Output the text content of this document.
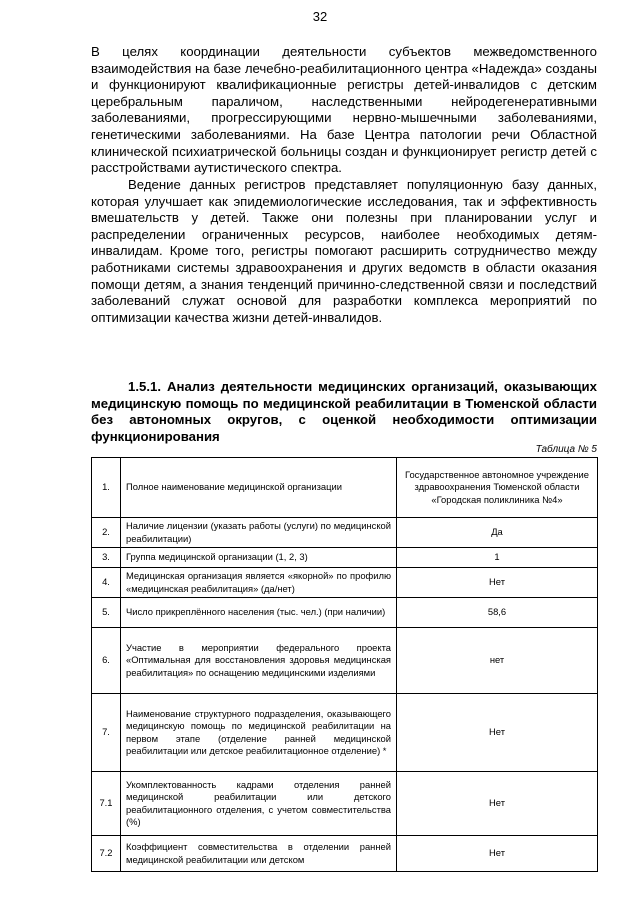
32

В целях координации деятельности субъектов межведомственного взаимодействия на базе лечебно-реабилитационного центра «Надежда» созданы и функционируют квалификационные регистры детей-инвалидов с детским церебральным параличом, наследственными нейродегенеративными заболеваниями, прогрессирующими нервно-мышечными заболеваниями, генетическими заболеваниями. На базе Центра патологии речи Областной клинической психиатрической больницы создан и функционирует регистр детей с расстройствами аутистического спектра.

Ведение данных регистров представляет популяционную базу данных, которая улучшает как эпидемиологические исследования, так и эффективность вмешательств у детей. Также они полезны при планировании услуг и распределении ограниченных ресурсов, наиболее необходимых детям-инвалидам. Кроме того, регистры помогают расширить сотрудничество между работниками системы здравоохранения и других ведомств в области оказания помощи детям, а знания тенденций причинно-следственной связи и последствий заболеваний служат основой для разработки комплекса мероприятий по оптимизации качества жизни детей-инвалидов.

1.5.1. Анализ деятельности медицинских организаций, оказывающих медицинскую помощь по медицинской реабилитации в Тюменской области без автономных округов, с оценкой необходимости оптимизации функционирования

Таблица № 5
1.	Полное наименование медицинской организации	Государственное автономное учреждение здравоохранения Тюменской области «Городская поликлиника №4»
2.	Наличие лицензии (указать работы (услуги) по медицинской реабилитации)	Да
3.	Группа медицинской организации (1, 2, 3)	1
4.	Медицинская организация является «якорной» по профилю «медицинская реабилитация» (да/нет)	Нет
5.	Число прикреплённого населения (тыс. чел.) (при наличии)	58,6
6.	Участие в мероприятии федерального проекта «Оптимальная для восстановления здоровья медицинская реабилитация» по оснащению медицинскими изделиями	нет
7.	Наименование структурного подразделения, оказывающего медицинскую помощь по медицинской реабилитации на первом этапе (отделение ранней медицинской реабилитации или детское реабилитационное отделение) *	Нет
7.1	Укомплектованность кадрами отделения ранней медицинской реабилитации или детского реабилитационного отделения, с учетом совместительства (%)	Нет
7.2	Коэффициент совместительства в отделении ранней медицинской реабилитации или детском	Нет
